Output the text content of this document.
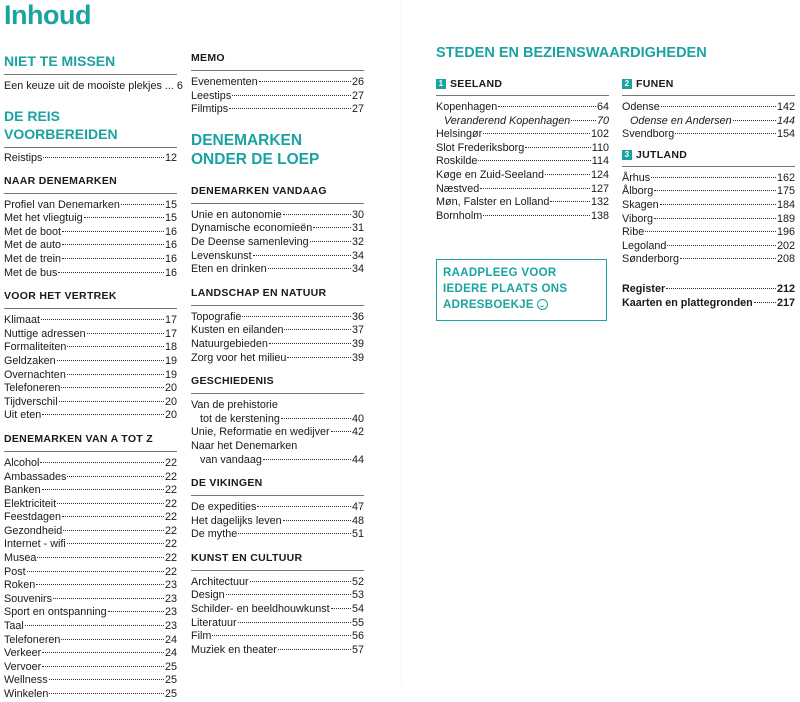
Inhoud
NIET TE MISSEN
Een keuze uit de mooiste plekjes ... 6
DE REIS VOORBEREIDEN
Reistips	12
NAAR DENEMARKEN
Profiel van Denemarken	15
Met het vliegtuig	15
Met de boot	16
Met de auto	16
Met de trein	16
Met de bus	16
VOOR HET VERTREK
Klimaat	17
Nuttige adressen	17
Formaliteiten	18
Geldzaken	19
Overnachten	19
Telefoneren	20
Tijdverschil	20
Uit eten	20
DENEMARKEN VAN A TOT Z
Alcohol	22
Ambassades	22
Banken	22
Elektriciteit	22
Feestdagen	22
Gezondheid	22
Internet - wifi	22
Musea	22
Post	22
Roken	23
Souvenirs	23
Sport en ontspanning	23
Taal	23
Telefoneren	24
Verkeer	24
Vervoer	25
Wellness	25
Winkelen	25
MEMO
Evenementen	26
Leestips	27
Filmtips	27
DENEMARKEN
ONDER DE LOEP
DENEMARKEN VANDAAG
Unie en autonomie	30
Dynamische economieën	31
De Deense samenleving	32
Levenskunst	34
Eten en drinken	34
LANDSCHAP EN NATUUR
Topografie	36
Kusten en eilanden	37
Natuurgebieden	39
Zorg voor het milieu	39
GESCHIEDENIS
Van de prehistorie
tot de kerstening	40
Unie, Reformatie en wedijver 42
Naar het Denemarken
van vandaag	44
DE VIKINGEN
De expedities	47
Het dagelijks leven	48
De mythe	51
KUNST EN CULTUUR
Architectuur	52
Design	53
Schilder- en beeldhouwkunst 54
Literatuur	55
Film	56
Muziek en theater	57
STEDEN EN BEZIENSWAARDIGHEDEN
1 SEELAND
Kopenhagen	64
Veranderend Kopenhagen 70
Helsingør	102
Slot Frederiksborg	110
Roskilde	114
Køge en Zuid-Seeland	124
Næstved	127
Møn, Falster en Lolland	132
Bornholm	138
2 FUNEN
Odense	142
Odense en Andersen	144
Svendborg	154
3 JUTLAND
Århus	162
Ålborg	175
Skagen	184
Viborg	189
Ribe	196
Legoland	202
Sønderborg	208
Register	212
Kaarten en plattegronden 217
RAADPLEEG VOOR
IEDERE PLAATS ONS
ADRESBOEKJE
